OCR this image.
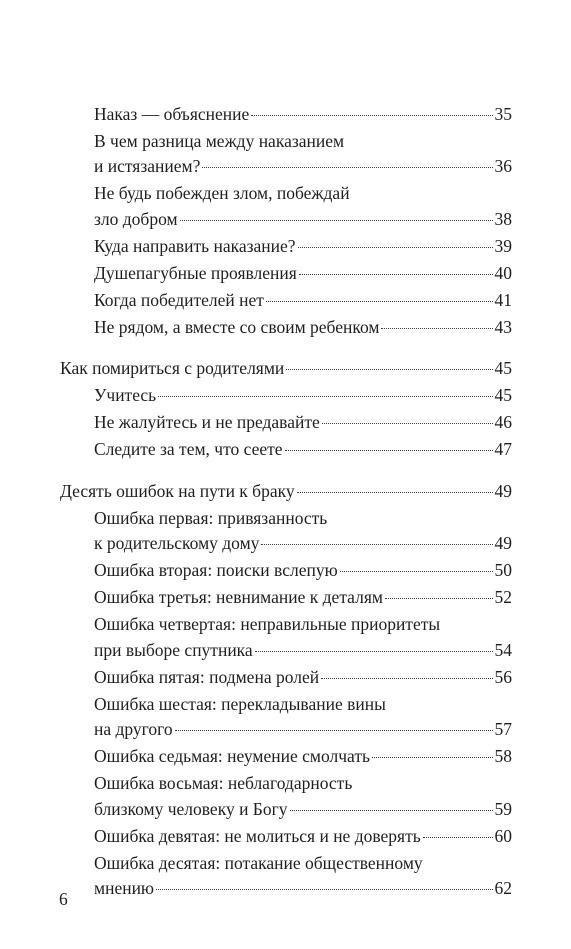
Наказ — объяснение	35
В чем разница между наказанием
и истязанием?	36
Не будь побежден злом, побеждай
зло добром	38
Куда направить наказание?	39
Душепагубные проявления	40
Когда победителей нет	41
Не рядом, а вместе со своим ребенком	43
Как помириться с родителями	45
Учитесь	45
Не жалуйтесь и не предавайте	46
Следите за тем, что сеете	47
Десять ошибок на пути к браку	49
Ошибка первая: привязанность
к родительскому дому	49
Ошибка вторая: поиски вслепую	50
Ошибка третья: невнимание к деталям	52
Ошибка четвертая: неправильные приоритеты
при выборе спутника	54
Ошибка пятая: подмена ролей	56
Ошибка шестая: перекладывание вины
на другого	57
Ошибка седьмая: неумение смолчать	58
Ошибка восьмая: неблагодарность
близкому человеку и Богу	59
Ошибка девятая: не молиться и не доверять	60
Ошибка десятая: потакание общественному
мнению	62
6
